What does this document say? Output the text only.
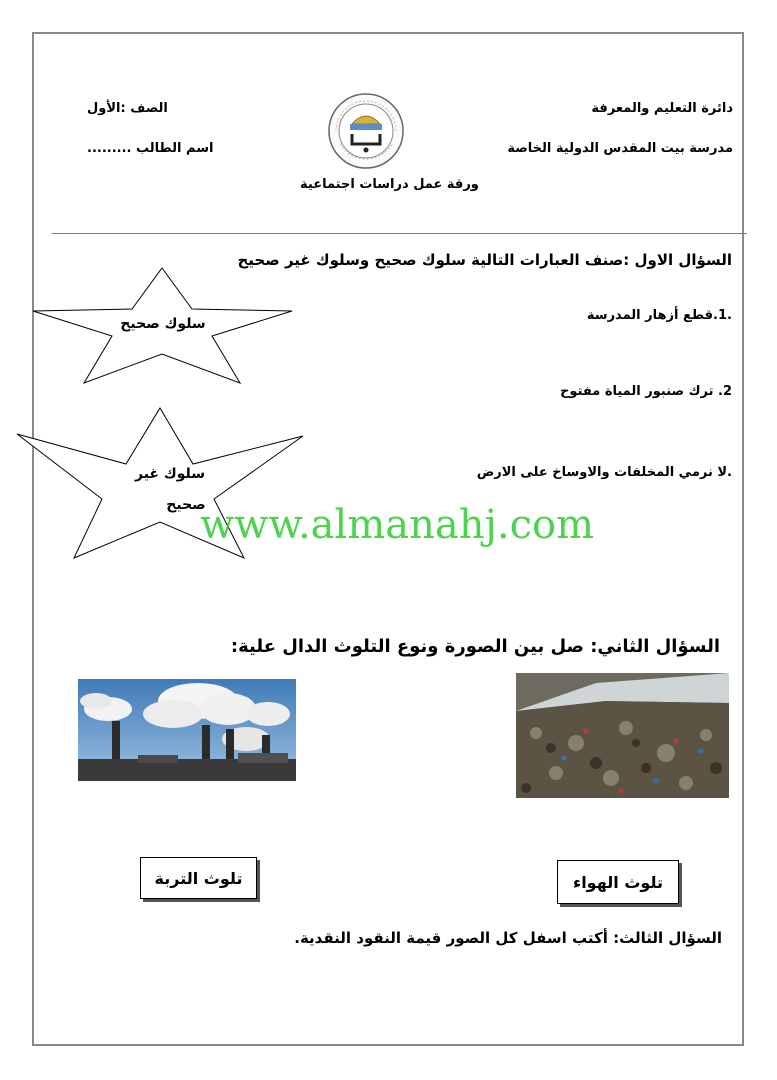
دائرة التعليم والمعرفة
مدرسة بيت المقدس الدولية الخاصة
الصف :الأول
اسم الطالب .........
ورقة عمل دراسات اجتماعية
السؤال الاول :صنف العبارات التالية سلوك صحيح وسلوك غير صحيح
.1.قطع أزهار المدرسة
2. ترك صنبور المياة مفتوح
.لا نرمي المخلفات والاوساخ على الارض
سلوك صحيح
سلوك غير
صحيح
www.almanahj.com
السؤال الثاني: صل بين الصورة ونوع التلوث الدال علية:
تلوث التربة	تلوث الهواء
السؤال الثالث: أكتب اسفل كل الصور قيمة النقود النقدية.
